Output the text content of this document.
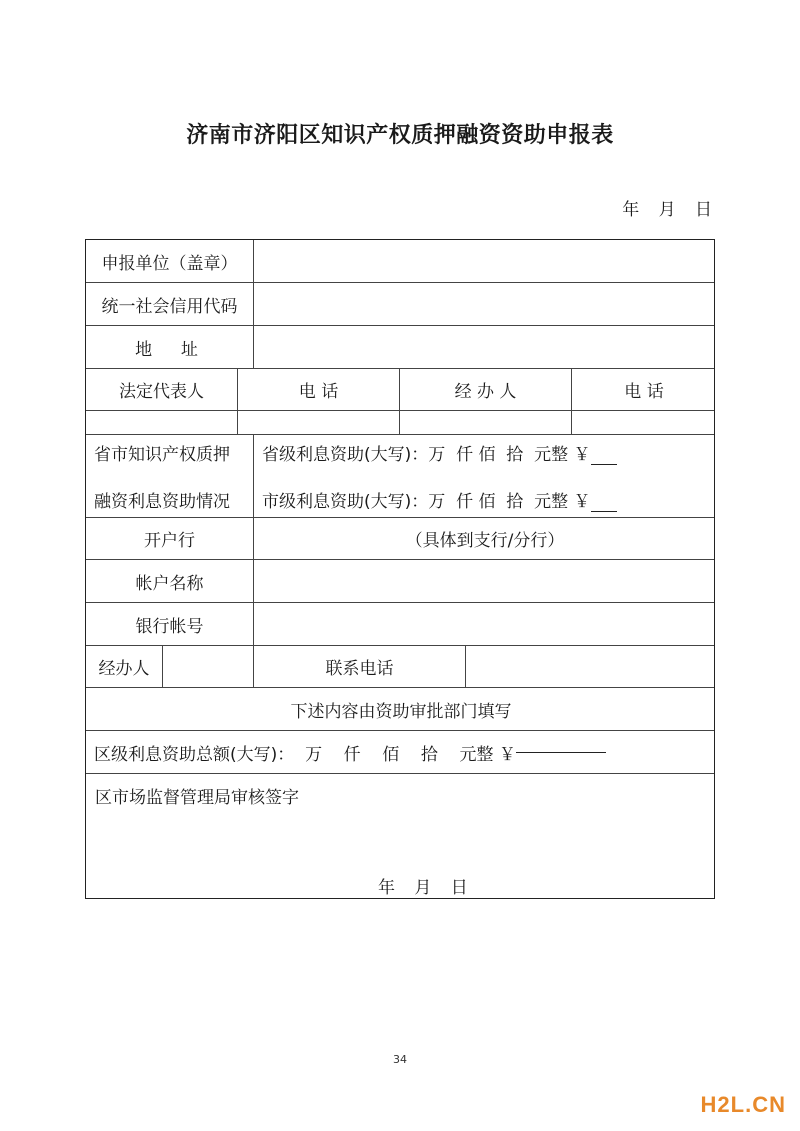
济南市济阳区知识产权质押融资资助申报表
年 月 日
申报单位（盖章）
统一社会信用代码
地  址
法定代表人	电 话	经 办 人	电 话
省市知识产权质押
融资利息资助情况
省级利息资助(大写)：万  仟 佰  拾  元整 ￥
市级利息资助(大写)：万  仟 佰  拾  元整 ￥
开户行	（具体到支行/分行）
帐户名称
银行帐号
经办人	联系电话
下述内容由资助审批部门填写
区级利息资助总额(大写)：  万    仟    佰    拾    元整 ￥
区市场监督管理局审核签字
年 月 日
34
H2L.CN
